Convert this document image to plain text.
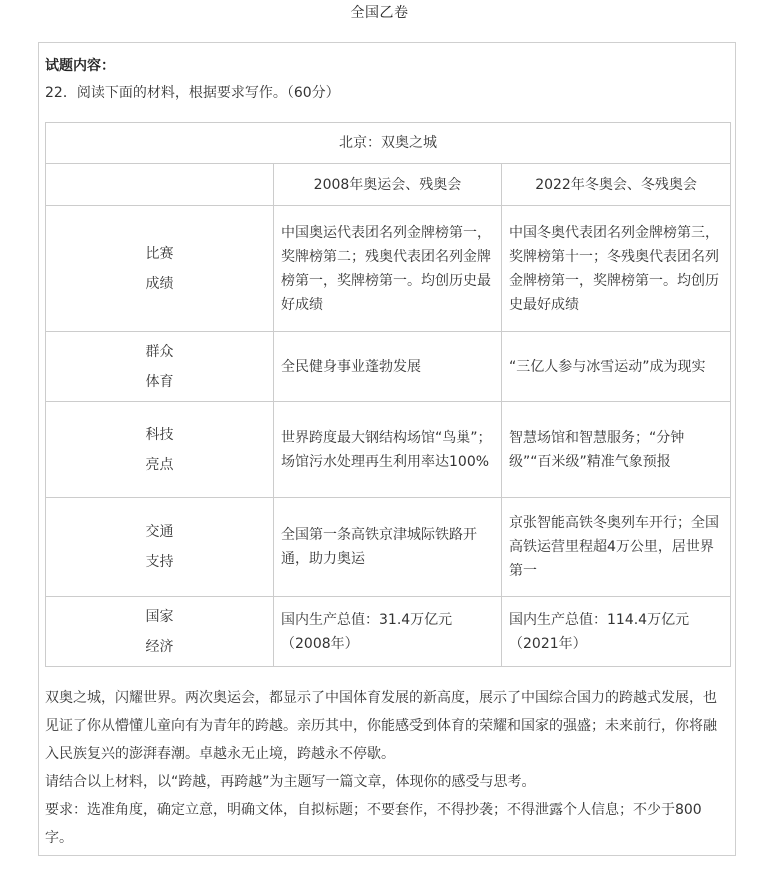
全国乙卷
试题内容：
22．阅读下面的材料，根据要求写作。（60分）
北京：双奥之城		
	2008年奥运会、残奥会	2022年冬奥会、冬残奥会

比赛
成绩	中国奥运代表团名列金牌榜第一，奖牌榜第二；残奥代表团名列金牌榜第一，奖牌榜第一。均创历史最好成绩	中国冬奥代表团名列金牌榜第三，奖牌榜第十一；冬残奥代表团名列金牌榜第一，奖牌榜第一。均创历史最好成绩

群众
体育	全民健身事业蓬勃发展	“三亿人参与冰雪运动”成为现实

科技
亮点	世界跨度最大钢结构场馆“鸟巢”；场馆污水处理再生利用率达100%	智慧场馆和智慧服务；“分钟级”“百米级”精准气象预报

交通
支持	全国第一条高铁京津城际铁路开通，助力奥运	京张智能高铁冬奥列车开行；全国高铁运营里程超4万公里，居世界第一

国家
经济	国内生产总值：31.4万亿元（2008年）	国内生产总值：114.4万亿元（2021年）

双奥之城，闪耀世界。两次奥运会，都显示了中国体育发展的新高度，展示了中国综合国力的跨越式发展，也见证了你从懵懂儿童向有为青年的跨越。亲历其中，你能感受到体育的荣耀和国家的强盛；未来前行，你将融入民族复兴的澎湃春潮。卓越永无止境，跨越永不停歇。

请结合以上材料，以“跨越，再跨越”为主题写一篇文章，体现你的感受与思考。

要求：选准角度，确定立意，明确文体，自拟标题；不要套作，不得抄袭；不得泄露个人信息；不少于800字。
